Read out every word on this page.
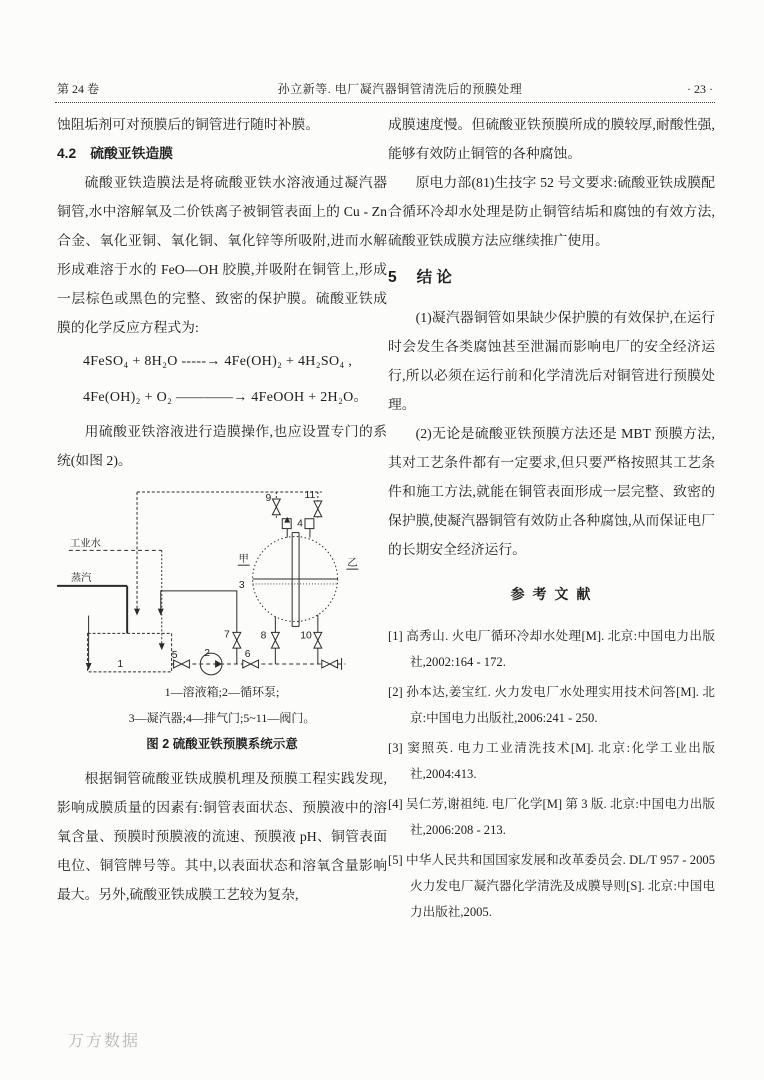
第 24 卷	孙立新等. 电厂凝汽器铜管清洗后的预膜处理	· 23 ·

蚀阻垢剂可对预膜后的铜管进行随时补膜。

4.2 硫酸亚铁造膜

硫酸亚铁造膜法是将硫酸亚铁水溶液通过凝汽器铜管,水中溶解氧及二价铁离子被铜管表面上的 Cu - Zn 合金、氧化亚铜、氧化铜、氧化锌等所吸附,进而水解形成难溶于水的 FeO—OH 胶膜,并吸附在铜管上,形成一层棕色或黑色的完整、致密的保护膜。硫酸亚铁成膜的化学反应方程式为:

4FeSO₄ + 8H₂O -----→ 4Fe(OH)₂ + 4H₂SO₄ ,

4Fe(OH)₂ + O₂ ————→ 4FeOOH + 2H₂O。

用硫酸亚铁溶液进行造膜操作,也应设置专门的系统(如图 2)。

工业水
蒸汽
1
2
3
4
5	6
7	8
9
10
11
甲	乙
1—溶液箱;2—循环泵;
3—凝汽器;4—排气门;5~11—阀门。
图 2 硫酸亚铁预膜系统示意

根据铜管硫酸亚铁成膜机理及预膜工程实践发现,影响成膜质量的因素有:铜管表面状态、预膜液中的溶氧含量、预膜时预膜液的流速、预膜液 pH、铜管表面电位、铜管牌号等。其中,以表面状态和溶氧含量影响最大。另外,硫酸亚铁成膜工艺较为复杂,

成膜速度慢。但硫酸亚铁预膜所成的膜较厚,耐酸性强,能够有效防止铜管的各种腐蚀。

原电力部(81)生技字 52 号文要求:硫酸亚铁成膜配合循环冷却水处理是防止铜管结垢和腐蚀的有效方法,硫酸亚铁成膜方法应继续推广使用。

5 结 论

(1)凝汽器铜管如果缺少保护膜的有效保护,在运行时会发生各类腐蚀甚至泄漏而影响电厂的安全经济运行,所以必须在运行前和化学清洗后对铜管进行预膜处理。

(2)无论是硫酸亚铁预膜方法还是 MBT 预膜方法,其对工艺条件都有一定要求,但只要严格按照其工艺条件和施工方法,就能在铜管表面形成一层完整、致密的保护膜,使凝汽器铜管有效防止各种腐蚀,从而保证电厂的长期安全经济运行。

参 考 文 献
[1] 高秀山. 火电厂循环冷却水处理[M]. 北京:中国电力出版社,2002:164 - 172.
[2] 孙本达,姜宝红. 火力发电厂水处理实用技术问答[M]. 北京:中国电力出版社,2006:241 - 250.
[3] 窦照英. 电力工业清洗技术[M]. 北京:化学工业出版社,2004:413.
[4] 吴仁芳,谢祖纯. 电厂化学[M] 第 3 版. 北京:中国电力出版社,2006:208 - 213.
[5] 中华人民共和国国家发展和改革委员会. DL/T 957 - 2005 火力发电厂凝汽器化学清洗及成膜导则[S]. 北京:中国电力出版社,2005.
万方数据
